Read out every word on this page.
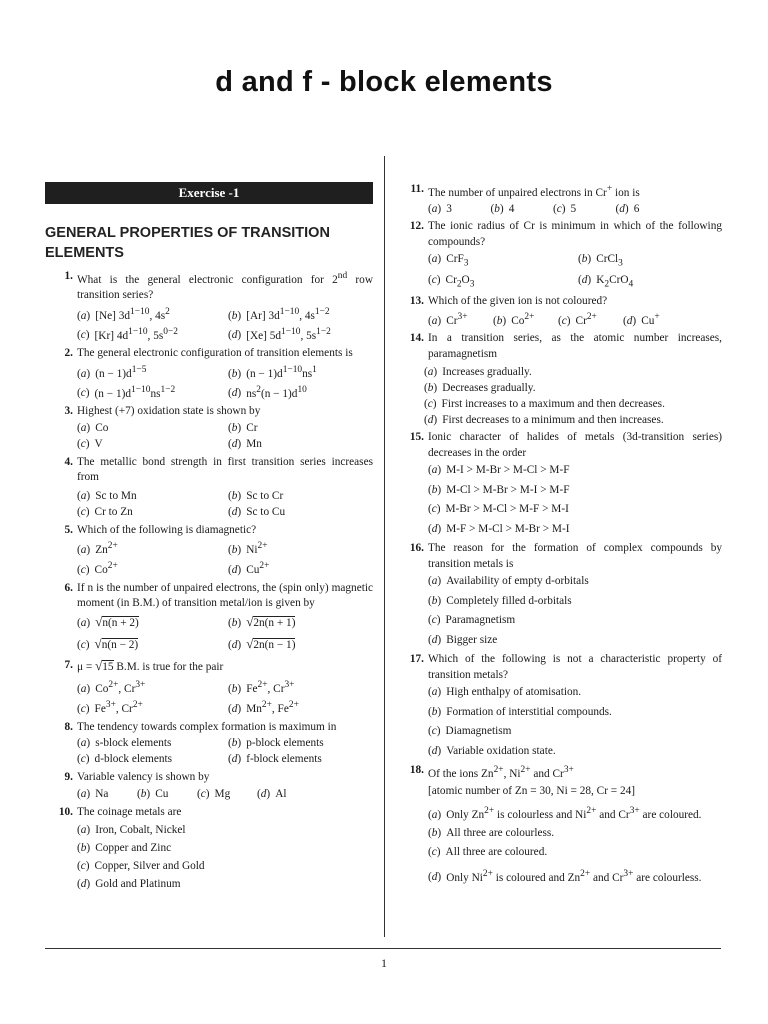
d and f - block elements
1
Exercise -1
GENERAL PROPERTIES OF TRANSITION ELEMENTS
1. What is the general electronic configuration for 2nd row transition series?
( a ) [Ne] $3d^{1-10}$, $4s^2$	( b ) [Ar] $3d^{1-10}$, $4s^{1-2}$
( c ) [Kr] $4d^{1-10}$, $5s^{0-2}$	( d ) [Xe] $5d^{1-10}$, $5s^{1-2}$
2. The general electronic configuration of transition elements is
( a ) $(n - 1)d^{1-5}$	( b ) $(n - 1)d^{1-10}ns^1$
( c ) $(n - 1)d^{1-10}ns^{1-2}$	( d ) $ns^2(n - 1)d^{10}$
3. Highest (+7) oxidation state is shown by
( a ) Co	( b ) Cr
( c ) V	( d ) Mn
4. The metallic bond strength in first transition series increases from
( a ) Sc to Mn	( b ) Sc to Cr
( c ) Cr to Zn	( d ) Sc to Cu
5. Which of the following is diamagnetic?
( a ) $Zn^{2+}$	( b ) $Ni^{2+}$
( c ) $Co^{2+}$	( d ) $Cu^{2+}$
6. If n is the number of unpaired electrons, the (spin only) magnetic moment (in B.M.) of transition metal/ion is given by
( a ) √n(n + 2)	( b ) √2n(n + 1)
( c ) √n(n − 2)	( d ) √2n(n − 1)
7. μ = √15 B.M. is true for the pair
( a ) $Co^{2+}$, $Cr^{3+}$	( b ) $Fe^{2+}$, $Cr^{3+}$
( c ) $Fe^{3+}$, $Cr^{2+}$	( d ) $Mn^{2+}$, $Fe^{2+}$
8. The tendency towards complex formation is maximum in
( a ) s-block elements	( b ) p-block elements
( c ) d-block elements	( d ) f-block elements
9. Variable valency is shown by
( a ) Na	( b ) Cu	( c ) Mg	( d ) Al
10. The coinage metals are
( a ) Iron, Cobalt, Nickel
( b ) Copper and Zinc
( c ) Copper, Silver and Gold
( d ) Gold and Platinum
11. The number of unpaired electrons in Cr+ ion is
( a ) 3	( b ) 4	( c ) 5	( d ) 6
12. The ionic radius of Cr is minimum in which of the following compounds?
( a ) CrF$_3$	( b ) CrCl$_3$
( c ) $Cr_2O_3$	( d ) $K_2CrO_4$
13. Which of the given ion is not coloured?
( a ) $Cr^{3+}$	( b ) $Co^{2+}$	( c ) $Cr^{2+}$	( d ) Cu+
14. In a transition series, as the atomic number increases, paramagnetism
( a ) Increases gradually.
( b ) Decreases gradually.
( c ) First increases to a maximum and then decreases.
( d ) First decreases to a minimum and then increases.
15. Ionic character of halides of metals (3d-transition series) decreases in the order
( a ) M-I > M-Br > M-Cl > M-F
( b ) M-Cl > M-Br > M-I > M-F
( c ) M-Br > M-Cl > M-F > M-I
( d ) M-F > M-Cl > M-Br > M-I
16. The reason for the formation of complex compounds by transition metals is
( a ) Availability of empty d-orbitals
( b ) Completely filled d-orbitals
( c ) Paramagnetism
( d ) Bigger size
17. Which of the following is not a characteristic property of transition metals?
( a ) High enthalpy of atomisation.
( b ) Formation of interstitial compounds.
( c ) Diamagnetism
( d ) Variable oxidation state.
18. Of the ions $Zn^{2+}$, $Ni^{2+}$ and $Cr^{3+}$
[atomic number of Zn = 30, Ni = 28, Cr = 24]
( a ) Only $Zn^{2+}$ is colourless and $Ni^{2+}$ and $Cr^{3+}$ are coloured.
( b ) All three are colourless.
( c ) All three are coloured.
( d ) Only $Ni^{2+}$ is coloured and $Zn^{2+}$ and $Cr^{3+}$ are colourless.
